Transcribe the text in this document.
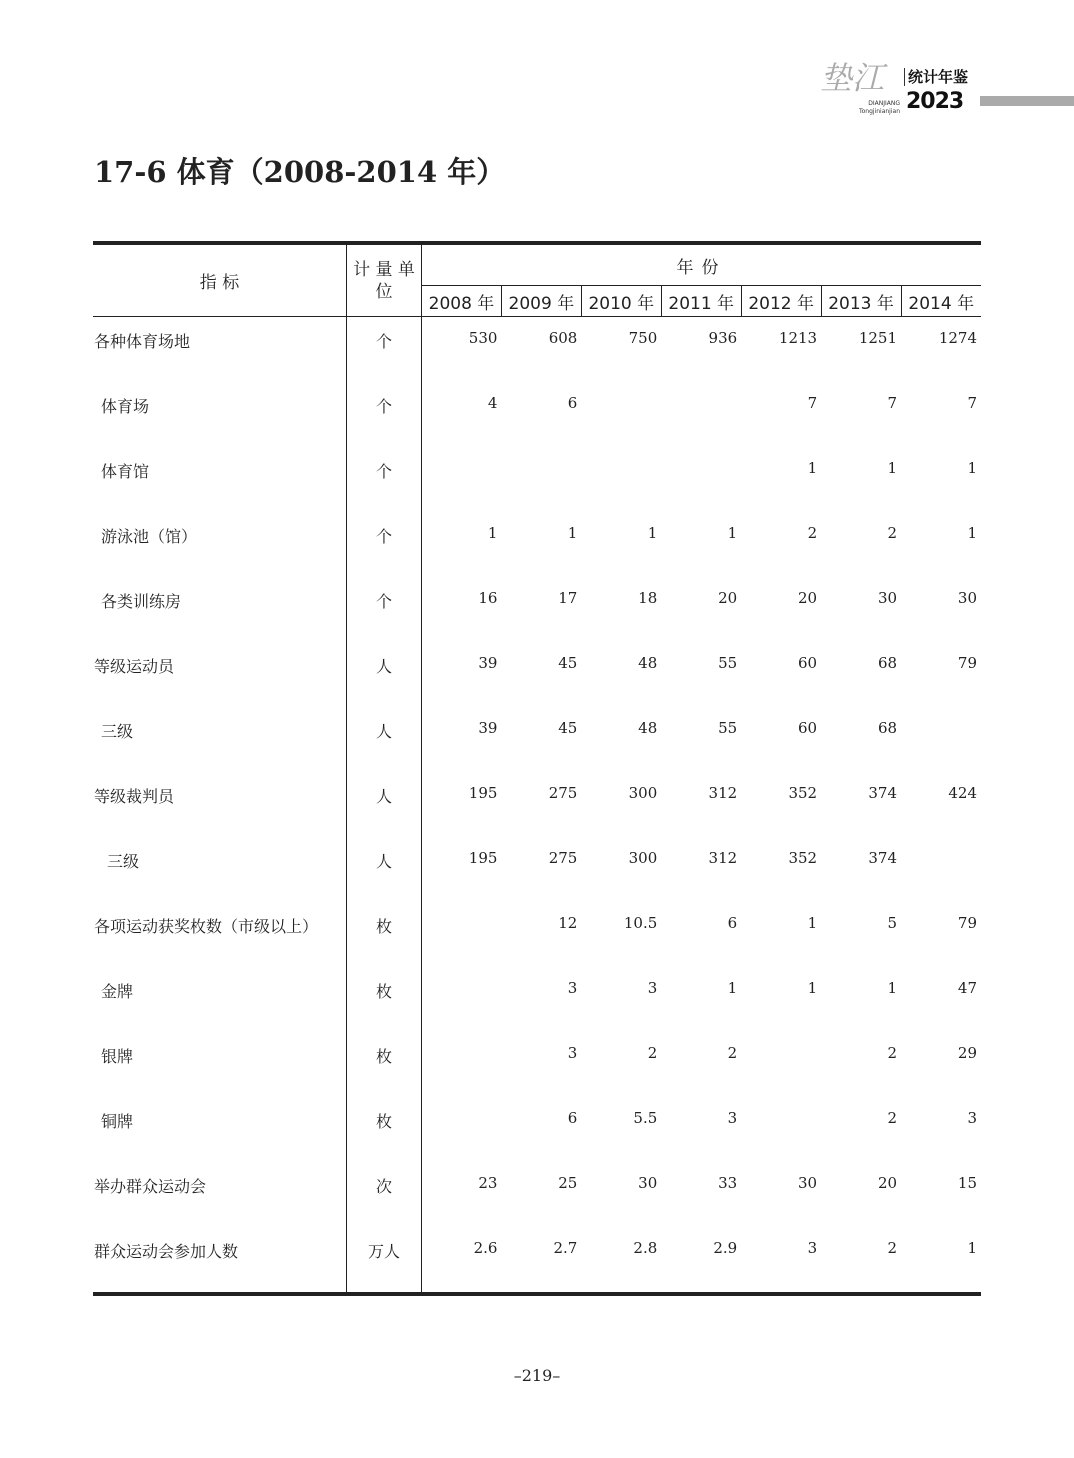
垫江
DIANJIANG
Tongjinianjian
统计年鉴
2023
17-6 体育（2008-2014 年）
指 标	计 量 单 位	年份						
		2008 年	2009 年	2010 年	2011 年	2012 年	2013 年	2014 年
各种体育场地	个	530	608	750	936	1213	1251	1274
体育场	个	4	6			7	7	7
体育馆	个					1	1	1
游泳池（馆）	个	1	1	1	1	2	2	1
各类训练房	个	16	17	18	20	20	30	30
等级运动员	人	39	45	48	55	60	68	79
三级	人	39	45	48	55	60	68	
等级裁判员	人	195	275	300	312	352	374	424
三级	人	195	275	300	312	352	374	
各项运动获奖枚数（市级以上）	枚		12	10.5	6	1	5	79
金牌	枚		3	3	1	1	1	47
银牌	枚		3	2	2		2	29
铜牌	枚		6	5.5	3		2	3
举办群众运动会	次	23	25	30	33	30	20	15
群众运动会参加人数	万人	2.6	2.7	2.8	2.9	3	2	1
–219–
